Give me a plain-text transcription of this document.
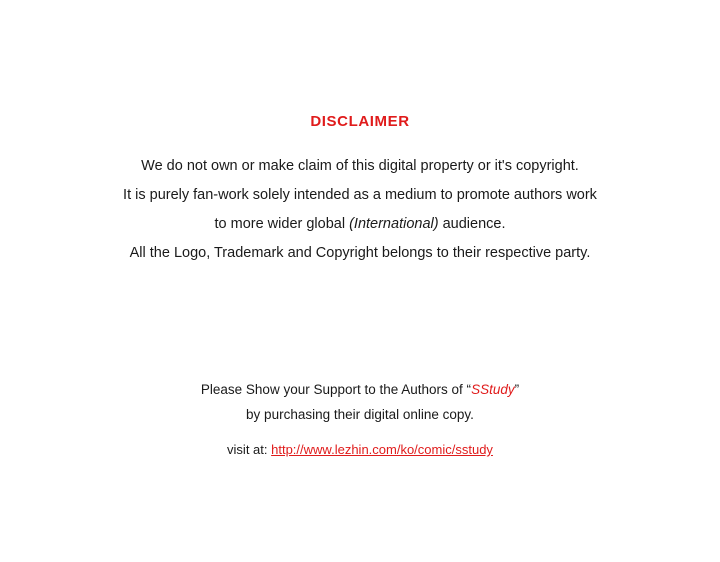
DISCLAIMER
We do not own or make claim of this digital property or it's copyright.
It is purely fan-work solely intended as a medium to promote authors work
to more wider global (International) audience.
All the Logo, Trademark and Copyright belongs to their respective party.
Please Show your Support to the Authors of “SStudy”
by purchasing their digital online copy.
visit at: http://www.lezhin.com/ko/comic/sstudy
